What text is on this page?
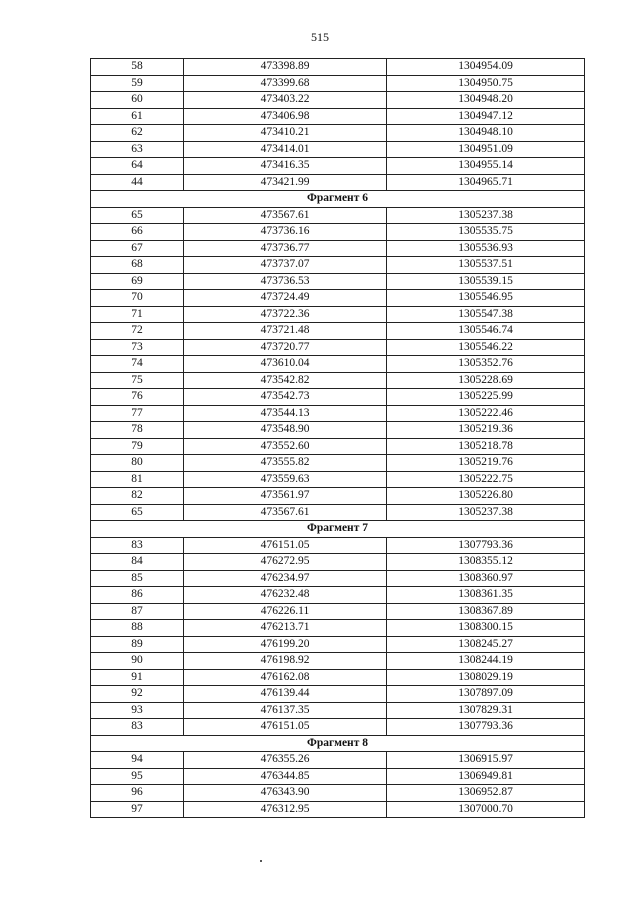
515
58	473398.89	1304954.09
59	473399.68	1304950.75
60	473403.22	1304948.20
61	473406.98	1304947.12
62	473410.21	1304948.10
63	473414.01	1304951.09
64	473416.35	1304955.14
44	473421.99	1304965.71
Фрагмент 6		
65	473567.61	1305237.38
66	473736.16	1305535.75
67	473736.77	1305536.93
68	473737.07	1305537.51
69	473736.53	1305539.15
70	473724.49	1305546.95
71	473722.36	1305547.38
72	473721.48	1305546.74
73	473720.77	1305546.22
74	473610.04	1305352.76
75	473542.82	1305228.69
76	473542.73	1305225.99
77	473544.13	1305222.46
78	473548.90	1305219.36
79	473552.60	1305218.78
80	473555.82	1305219.76
81	473559.63	1305222.75
82	473561.97	1305226.80
65	473567.61	1305237.38
Фрагмент 7		
83	476151.05	1307793.36
84	476272.95	1308355.12
85	476234.97	1308360.97
86	476232.48	1308361.35
87	476226.11	1308367.89
88	476213.71	1308300.15
89	476199.20	1308245.27
90	476198.92	1308244.19
91	476162.08	1308029.19
92	476139.44	1307897.09
93	476137.35	1307829.31
83	476151.05	1307793.36
Фрагмент 8		
94	476355.26	1306915.97
95	476344.85	1306949.81
96	476343.90	1306952.87
97	476312.95	1307000.70
